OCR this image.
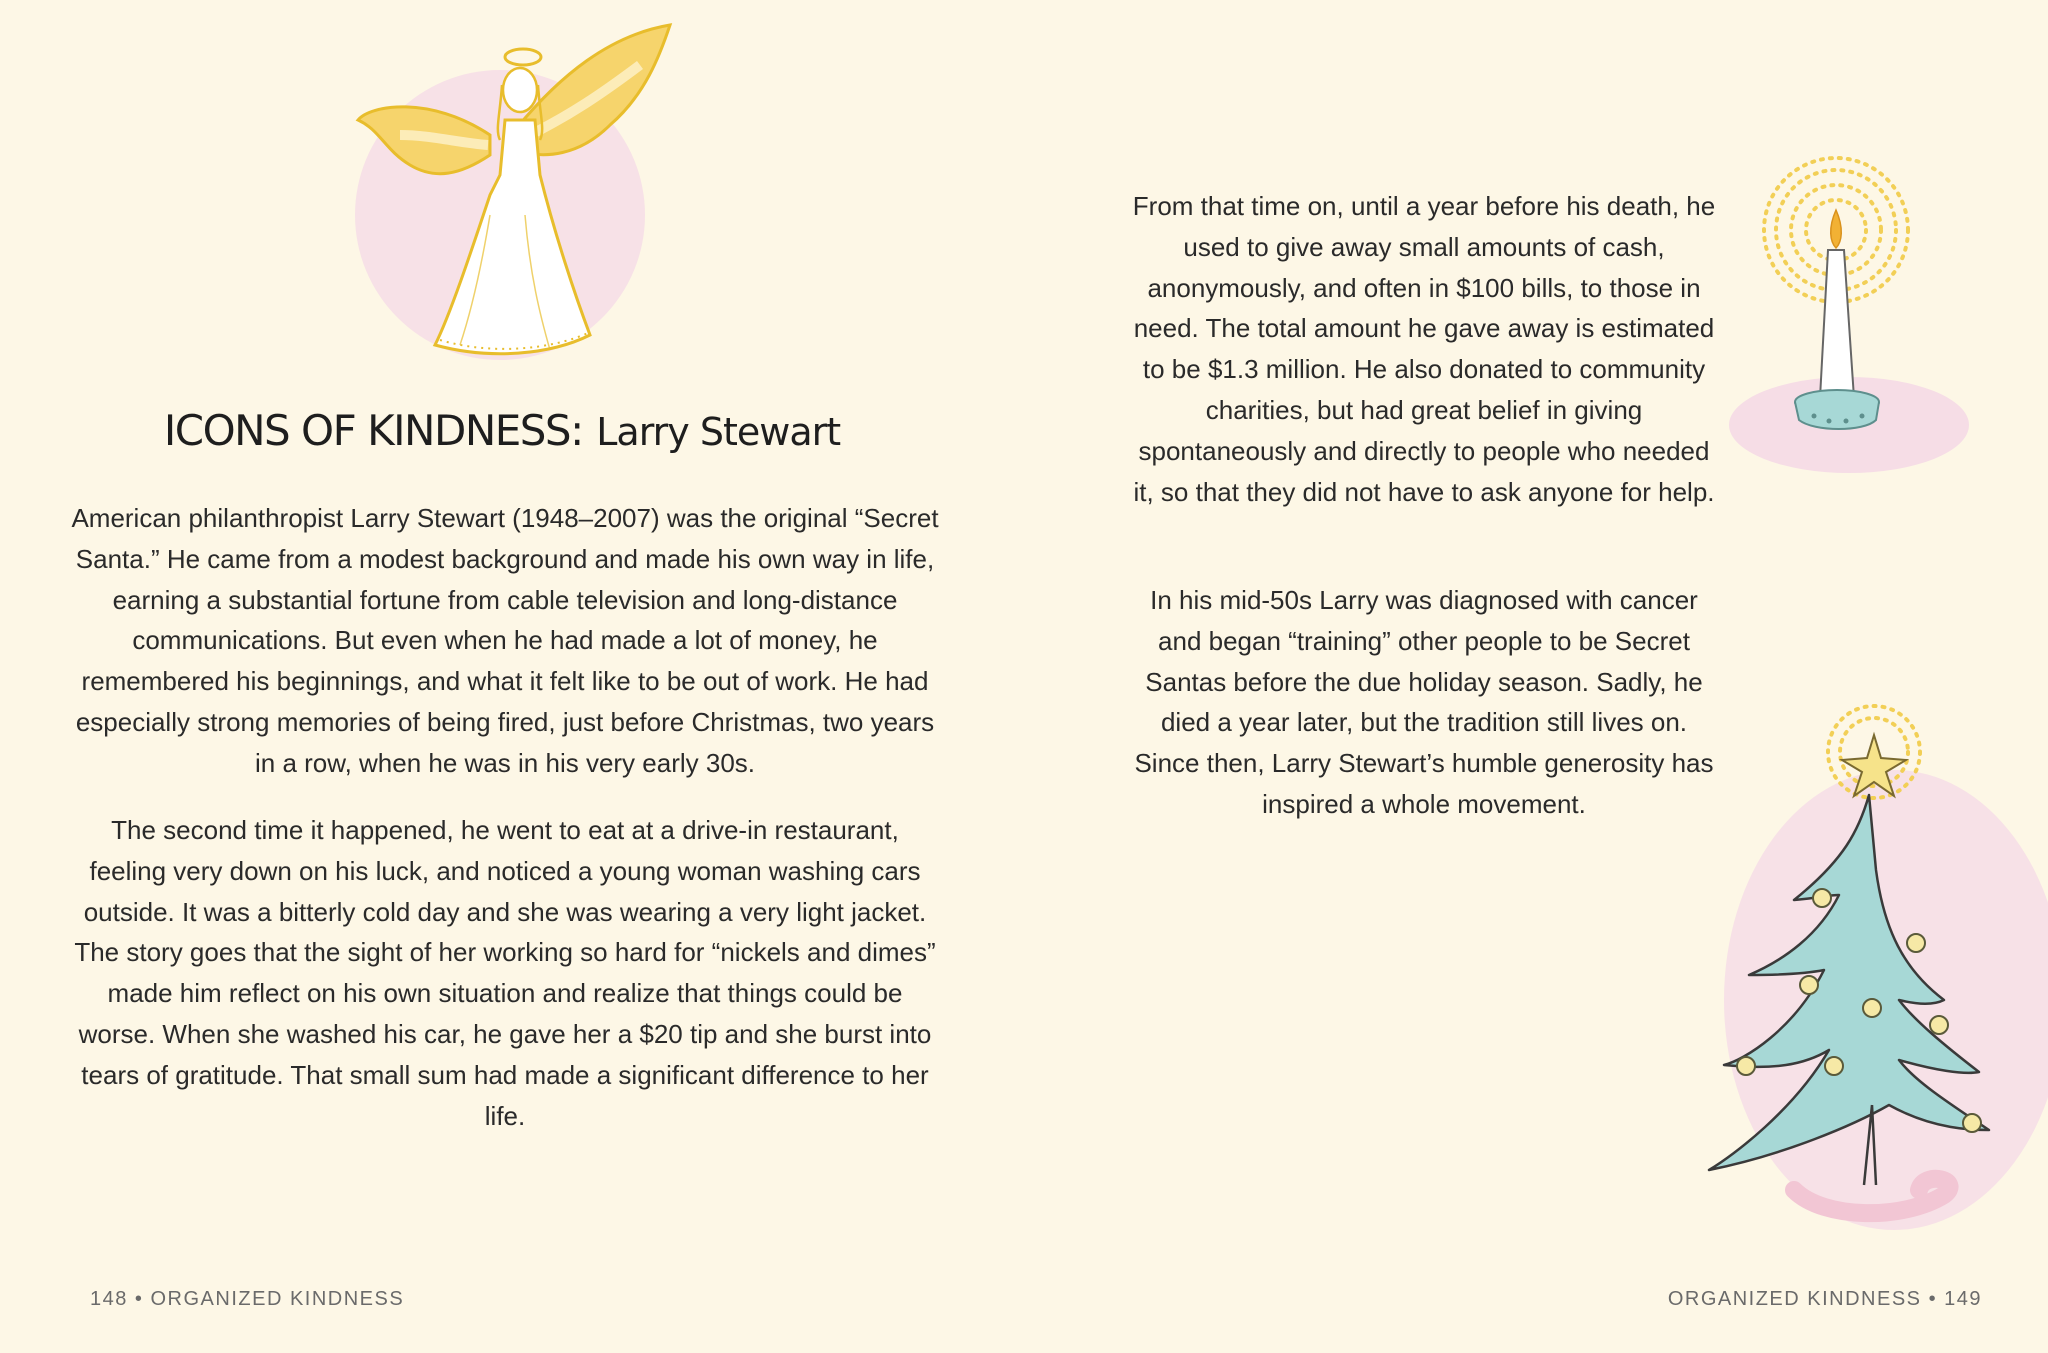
ICONS OF KINDNESS: Larry Stewart

American philanthropist Larry Stewart (1948–2007) was the original “Secret Santa.” He came from a modest background and made his own way in life, earning a substantial fortune from cable television and long-distance communications. But even when he had made a lot of money, he remembered his beginnings, and what it felt like to be out of work. He had especially strong memories of being fired, just before Christmas, two years in a row, when he was in his very early 30s.

The second time it happened, he went to eat at a drive-in restaurant, feeling very down on his luck, and noticed a young woman washing cars outside. It was a bitterly cold day and she was wearing a very light jacket. The story goes that the sight of her working so hard for “nickels and dimes” made him reflect on his own situation and realize that things could be worse. When she washed his car, he gave her a $20 tip and she burst into tears of gratitude. That small sum had made a significant difference to her life.

148 • ORGANIZED KINDNESS

From that time on, until a year before his death, he used to give away small amounts of cash, anonymously, and often in $100 bills, to those in need. The total amount he gave away is estimated to be $1.3 million. He also donated to community charities, but had great belief in giving spontaneously and directly to people who needed it, so that they did not have to ask anyone for help.

In his mid-50s Larry was diagnosed with cancer and began “training” other people to be Secret Santas before the due holiday season. Sadly, he died a year later, but the tradition still lives on. Since then, Larry Stewart’s humble generosity has inspired a whole movement.

ORGANIZED KINDNESS • 149
